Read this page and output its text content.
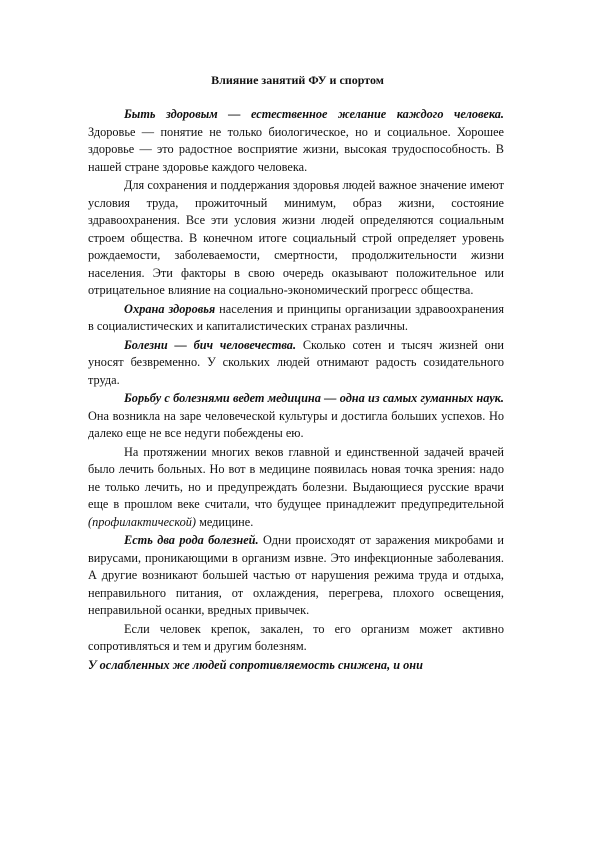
Влияние занятий ФУ и спортом

Быть здоровым — естественное желание каждого человека. Здоровье — понятие не только биологическое, но и социальное. Хорошее здоровье — это радостное восприятие жизни, высокая трудоспособность. В нашей стране здоровье каждого человека.

Для сохранения и поддержания здоровья людей важное значение имеют условия труда, прожиточный минимум, образ жизни, состояние здравоохранения. Все эти условия жизни людей определяются социальным строем общества. В конечном итоге социальный строй определяет уровень рождаемости, заболеваемости, смертности, продолжительности жизни населения. Эти факторы в свою очередь оказывают положительное или отрицательное влияние на социально-экономический прогресс общества.

Охрана здоровья населения и принципы организации здравоохранения в социалистических и капиталистических странах различны.

Болезни — бич человечества. Сколько сотен и тысяч жизней они уносят безвременно. У скольких людей отнимают радость созидательного труда.

Борьбу с болезнями ведет медицина — одна из самых гуманных наук. Она возникла на заре человеческой культуры и достигла больших успехов. Но далеко еще не все недуги побеждены ею.

На протяжении многих веков главной и единственной задачей врачей было лечить больных. Но вот в медицине появилась новая точка зрения: надо не только лечить, но и предупреждать болезни. Выдающиеся русские врачи еще в прошлом веке считали, что будущее принадлежит предупредительной (профилактической) медицине.

Есть два рода болезней. Одни происходят от заражения микробами и вирусами, проникающими в организм извне. Это инфекционные заболевания. А другие возникают большей частью от нарушения режима труда и отдыха, неправильного питания, от охлаждения, перегрева, плохого освещения, неправильной осанки, вредных привычек.

Если человек крепок, закален, то его организм может активно сопротивляться и тем и другим болезням.

У ослабленных же людей сопротивляемость снижена, и они
